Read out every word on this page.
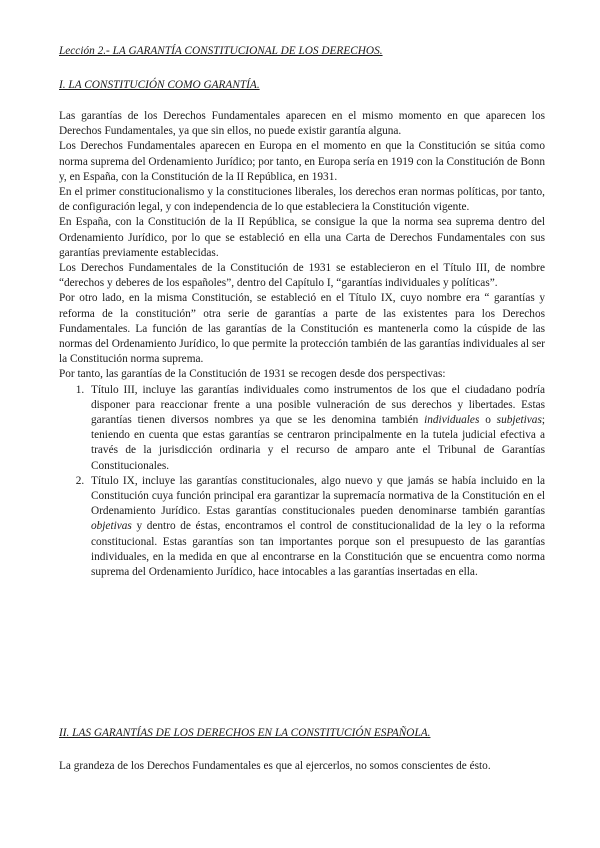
Lección 2.- LA GARANTÍA CONSTITUCIONAL DE LOS DERECHOS.
I. LA CONSTITUCIÓN COMO GARANTÍA.

Las garantías de los Derechos Fundamentales aparecen en el mismo momento en que aparecen los Derechos Fundamentales, ya que sin ellos, no puede existir garantía alguna.

Los Derechos Fundamentales aparecen en Europa en el momento en que la Constitución se sitúa como norma suprema del Ordenamiento Jurídico; por tanto, en Europa sería en 1919 con la Constitución de Bonn y, en España, con la Constitución de la II República, en 1931.

En el primer constitucionalismo y la constituciones liberales, los derechos eran normas políticas, por tanto, de configuración legal, y con independencia de lo que estableciera la Constitución vigente.

En España, con la Constitución de la II República, se consigue la que la norma sea suprema dentro del Ordenamiento Jurídico, por lo que se estableció en ella una Carta de Derechos Fundamentales con sus garantías previamente establecidas.

Los Derechos Fundamentales de la Constitución de 1931 se establecieron en el Título III, de nombre “derechos y deberes de los españoles”, dentro del Capítulo I, “garantías individuales y políticas”.

Por otro lado, en la misma Constitución, se estableció en el Título IX, cuyo nombre era “ garantías y reforma de la constitución” otra serie de garantías a parte de las existentes para los Derechos Fundamentales. La función de las garantías de la Constitución es mantenerla como la cúspide de las normas del Ordenamiento Jurídico, lo que permite la protección también de las garantías individuales al ser la Constitución norma suprema.

Por tanto, las garantías de la Constitución de 1931 se recogen desde dos perspectivas:

1. Título III, incluye las garantías individuales como instrumentos de los que el ciudadano podría disponer para reaccionar frente a una posible vulneración de sus derechos y libertades. Estas garantías tienen diversos nombres ya que se les denomina también individuales o subjetivas; teniendo en cuenta que estas garantías se centraron principalmente en la tutela judicial efectiva a través de la jurisdicción ordinaria y el recurso de amparo ante el Tribunal de Garantías Constitucionales.
2. Título IX, incluye las garantías constitucionales, algo nuevo y que jamás se había incluido en la Constitución cuya función principal era garantizar la supremacía normativa de la Constitución en el Ordenamiento Jurídico. Estas garantías constitucionales pueden denominarse también garantías objetivas y dentro de éstas, encontramos el control de constitucionalidad de la ley o la reforma constitucional. Estas garantías son tan importantes porque son el presupuesto de las garantías individuales, en la medida en que al encontrarse en la Constitución que se encuentra como norma suprema del Ordenamiento Jurídico, hace intocables a las garantías insertadas en ella.
II. LAS GARANTÍAS DE LOS DERECHOS EN LA CONSTITUCIÓN ESPAÑOLA.

La grandeza de los Derechos Fundamentales es que al ejercerlos, no somos conscientes de ésto.
